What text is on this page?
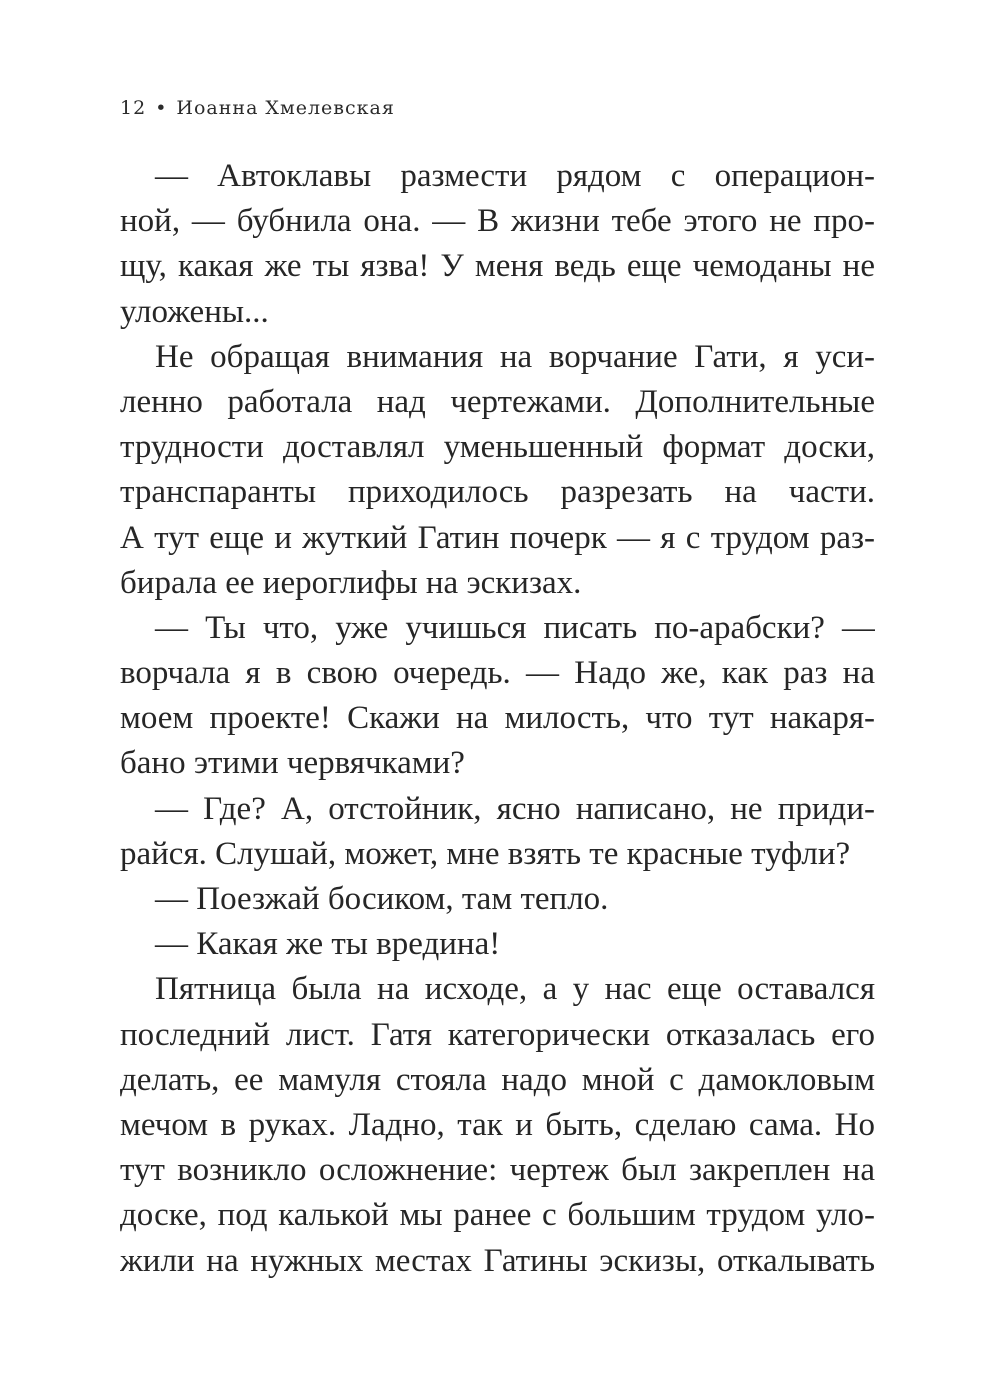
12 • Иоанна Хмелевская
— Автоклавы размести рядом с операцион-
ной, — бубнила она. — В жизни тебе этого не про-
щу, какая же ты язва! У меня ведь еще чемоданы не
уложены...
Не обращая внимания на ворчание Гати, я уси-
ленно работала над чертежами. Дополнительные
трудности доставлял уменьшенный формат доски,
транспаранты приходилось разрезать на части.
А тут еще и жуткий Гатин почерк — я с трудом раз-
бирала ее иероглифы на эскизах.
— Ты что, уже учишься писать по-арабски? —
ворчала я в свою очередь. — Надо же, как раз на
моем проекте! Скажи на милость, что тут накаря-
бано этими червячками?
— Где? А, отстойник, ясно написано, не приди-
райся. Слушай, может, мне взять те красные туфли?
— Поезжай босиком, там тепло.
— Какая же ты вредина!
Пятница была на исходе, а у нас еще оставался
последний лист. Гатя категорически отказалась его
делать, ее мамуля стояла надо мной с дамокловым
мечом в руках. Ладно, так и быть, сделаю сама. Но
тут возникло осложнение: чертеж был закреплен на
доске, под калькой мы ранее с большим трудом уло-
жили на нужных местах Гатины эскизы, откалывать
